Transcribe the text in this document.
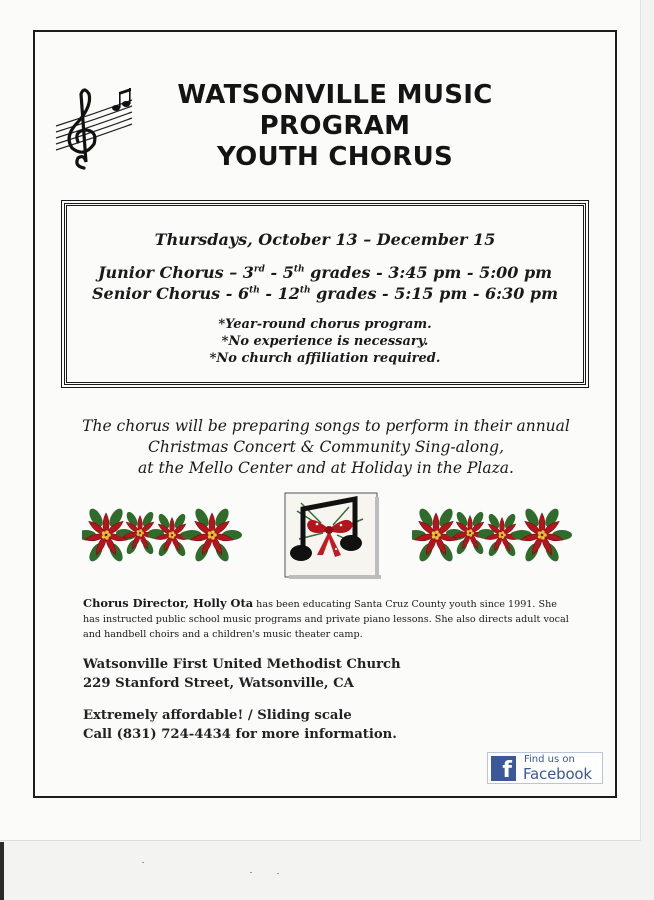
WATSONVILLE MUSIC
PROGRAM
YOUTH CHORUS
Thursdays, October 13 – December 15
Junior Chorus – 3rd - 5th grades - 3:45 pm - 5:00 pm
Senior Chorus - 6th - 12th grades - 5:15 pm - 6:30 pm
*Year-round chorus program.
*No experience is necessary.
*No church affiliation required.
The chorus will be preparing songs to perform in their annual
Christmas Concert & Community Sing-along,
at the Mello Center and at Holiday in the Plaza.
Chorus Director, Holly Ota has been educating Santa Cruz County youth since 1991. She
has instructed public school music programs and private piano lessons. She also directs adult vocal
and handbell choirs and a children's music theater camp.
Watsonville First United Methodist Church
229 Stanford Street, Watsonville, CA
Extremely affordable! / Sliding scale
Call (831) 724-4434 for more information.
f	Find us on
Facebook
